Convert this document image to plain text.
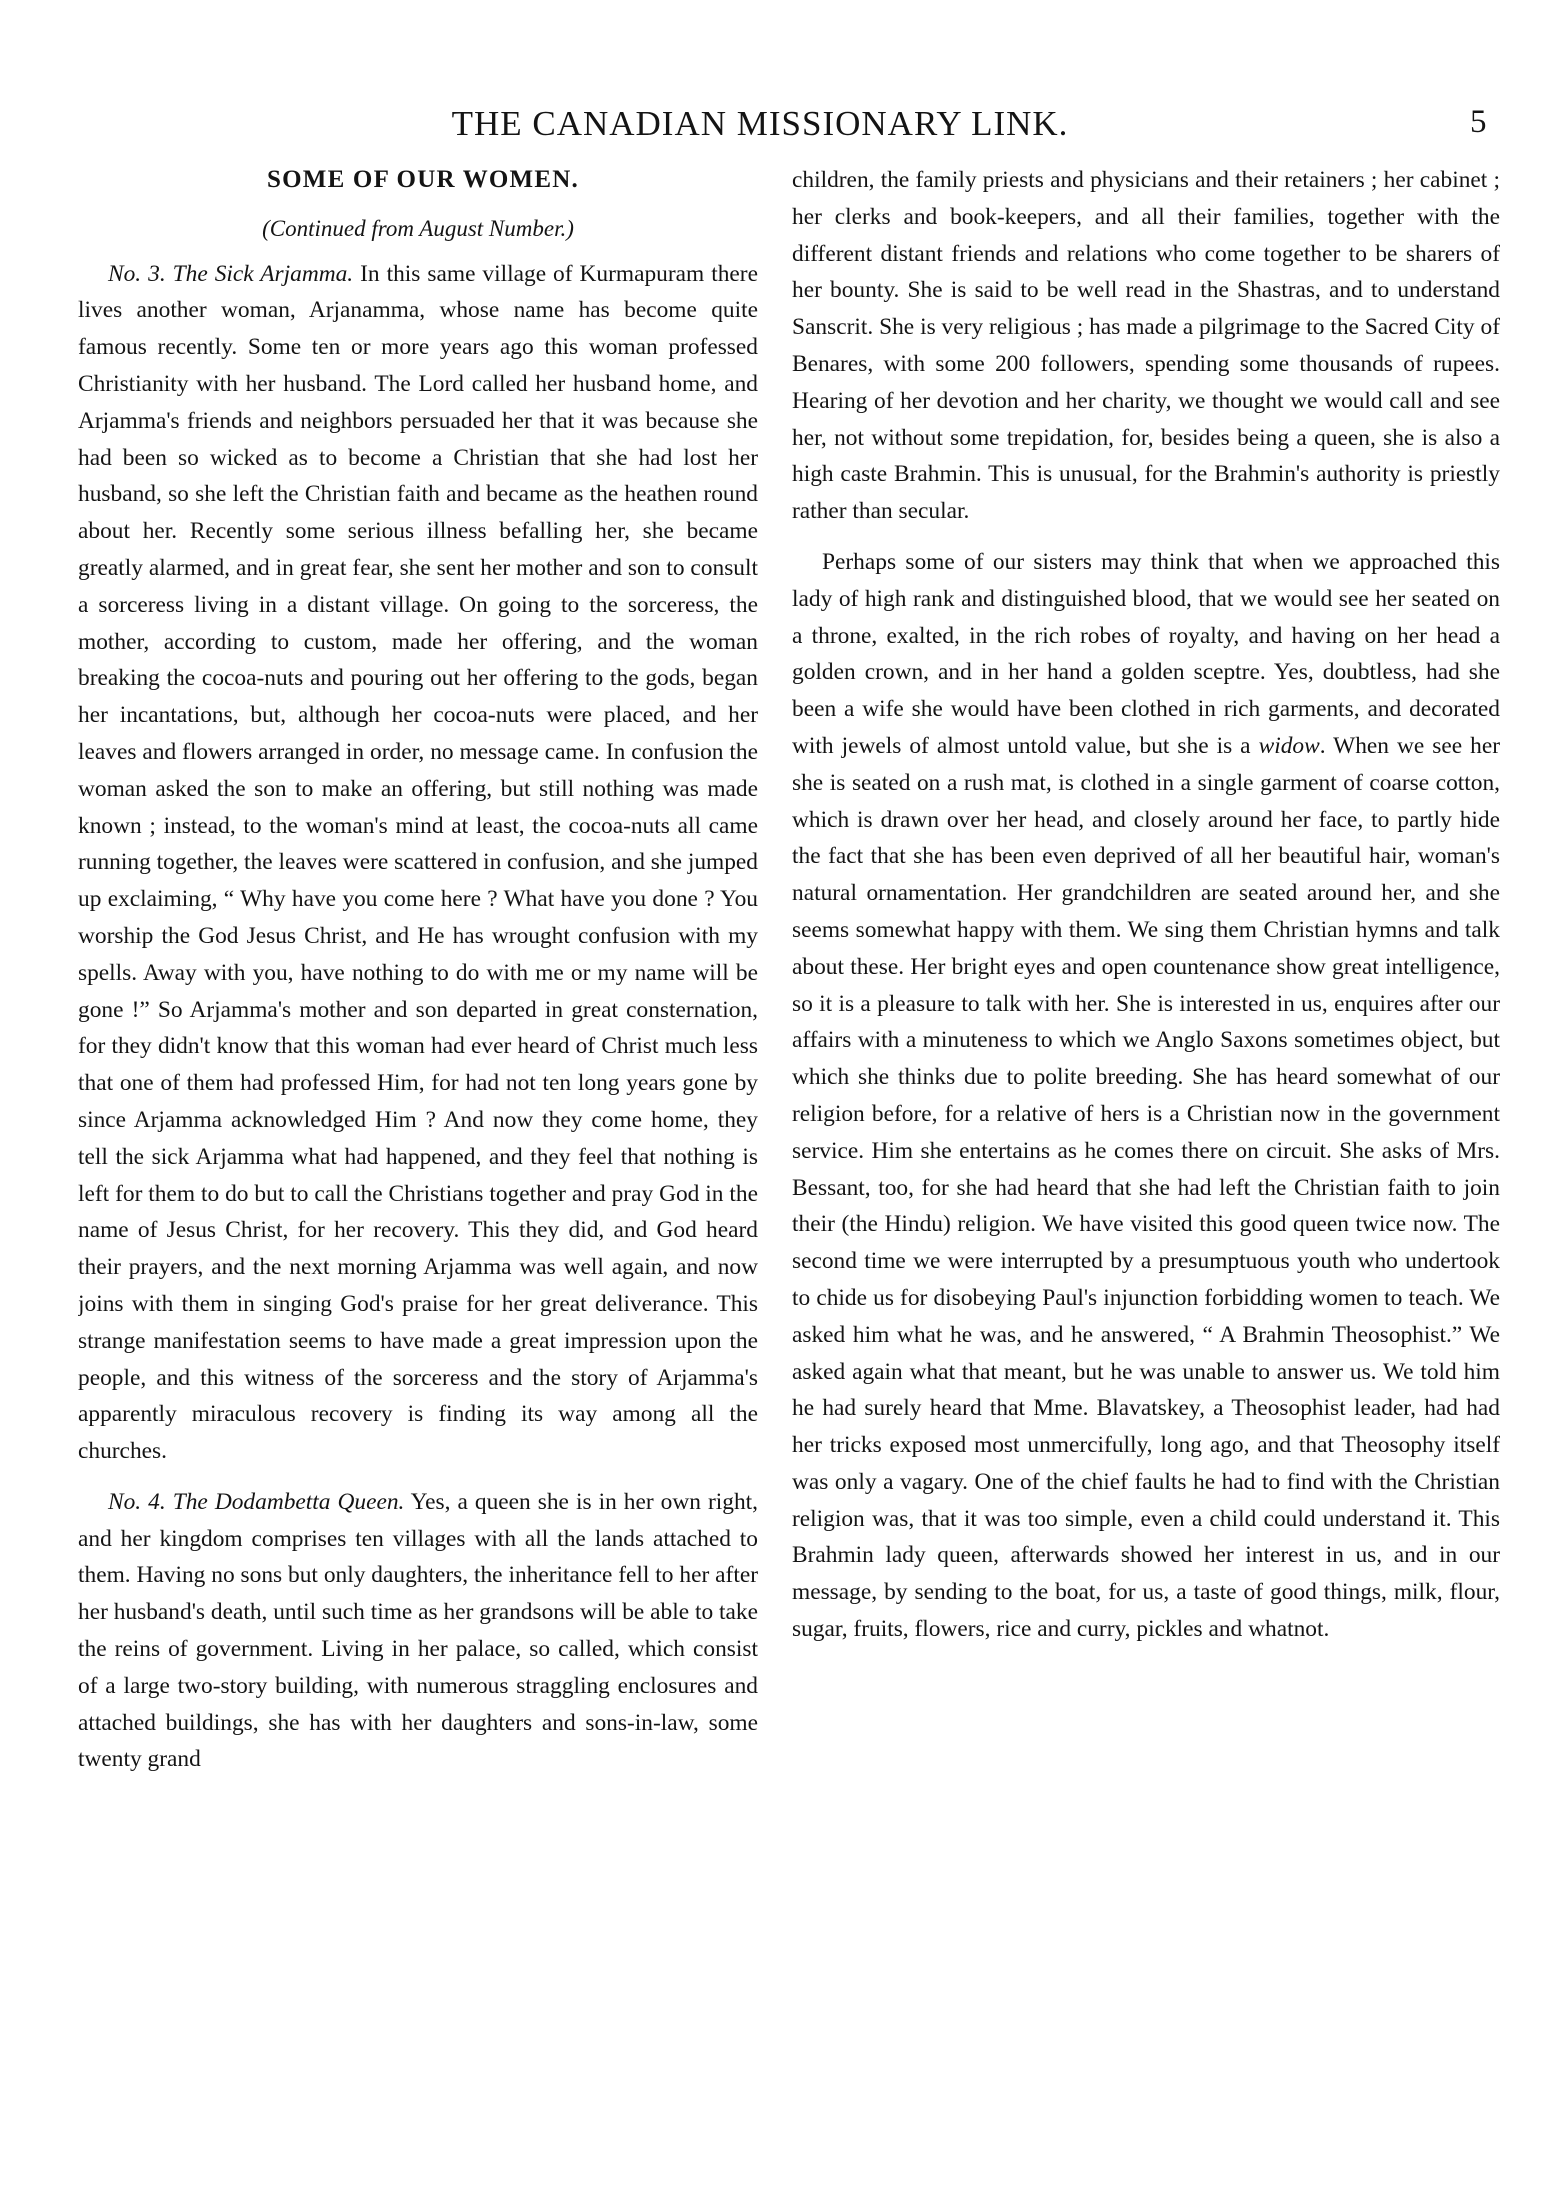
THE CANADIAN MISSIONARY LINK.	5
SOME OF OUR WOMEN.

(Continued from August Number.)

No. 3. The Sick Arjamma. In this same village of Kurmapuram there lives another woman, Arjanamma, whose name has become quite famous recently. Some ten or more years ago this woman professed Christianity with her husband. The Lord called her husband home, and Arjamma's friends and neighbors persuaded her that it was because she had been so wicked as to become a Christian that she had lost her husband, so she left the Christian faith and became as the heathen round about her. Recently some serious illness befalling her, she became greatly alarmed, and in great fear, she sent her mother and son to consult a sorceress living in a distant village. On going to the sorceress, the mother, according to custom, made her offering, and the woman breaking the cocoa-nuts and pouring out her offering to the gods, began her incantations, but, although her cocoa-nuts were placed, and her leaves and flowers arranged in order, no message came. In confusion the woman asked the son to make an offering, but still nothing was made known ; instead, to the woman's mind at least, the cocoa-nuts all came running together, the leaves were scattered in confusion, and she jumped up exclaiming, “ Why have you come here ? What have you done ? You worship the God Jesus Christ, and He has wrought confusion with my spells. Away with you, have nothing to do with me or my name will be gone !” So Arjamma's mother and son departed in great consternation, for they didn't know that this woman had ever heard of Christ much less that one of them had professed Him, for had not ten long years gone by since Arjamma acknowledged Him ? And now they come home, they tell the sick Arjamma what had happened, and they feel that nothing is left for them to do but to call the Christians together and pray God in the name of Jesus Christ, for her recovery. This they did, and God heard their prayers, and the next morning Arjamma was well again, and now joins with them in singing God's praise for her great deliverance. This strange manifestation seems to have made a great impression upon the people, and this witness of the sorceress and the story of Arjamma's apparently miraculous recovery is finding its way among all the churches.

No. 4. The Dodambetta Queen. Yes, a queen she is in her own right, and her kingdom comprises ten villages with all the lands attached to them. Having no sons but only daughters, the inheritance fell to her after her husband's death, until such time as her grandsons will be able to take the reins of government. Living in her palace, so called, which consist of a large two-story building, with numerous straggling enclosures and attached buildings, she has with her daughters and sons-in-law, some twenty grand

children, the family priests and physicians and their retainers ; her cabinet ; her clerks and book-keepers, and all their families, together with the different distant friends and relations who come together to be sharers of her bounty. She is said to be well read in the Shastras, and to understand Sanscrit. She is very religious ; has made a pilgrimage to the Sacred City of Benares, with some 200 followers, spending some thousands of rupees. Hearing of her devotion and her charity, we thought we would call and see her, not without some trepidation, for, besides being a queen, she is also a high caste Brahmin. This is unusual, for the Brahmin's authority is priestly rather than secular.

Perhaps some of our sisters may think that when we approached this lady of high rank and distinguished blood, that we would see her seated on a throne, exalted, in the rich robes of royalty, and having on her head a golden crown, and in her hand a golden sceptre. Yes, doubtless, had she been a wife she would have been clothed in rich garments, and decorated with jewels of almost untold value, but she is a widow. When we see her she is seated on a rush mat, is clothed in a single garment of coarse cotton, which is drawn over her head, and closely around her face, to partly hide the fact that she has been even deprived of all her beautiful hair, woman's natural ornamentation. Her grandchildren are seated around her, and she seems somewhat happy with them. We sing them Christian hymns and talk about these. Her bright eyes and open countenance show great intelligence, so it is a pleasure to talk with her. She is interested in us, enquires after our affairs with a minuteness to which we Anglo Saxons sometimes object, but which she thinks due to polite breeding. She has heard somewhat of our religion before, for a relative of hers is a Christian now in the government service. Him she entertains as he comes there on circuit. She asks of Mrs. Bessant, too, for she had heard that she had left the Christian faith to join their (the Hindu) religion. We have visited this good queen twice now. The second time we were interrupted by a presumptuous youth who undertook to chide us for disobeying Paul's injunction forbidding women to teach. We asked him what he was, and he answered, “ A Brahmin Theosophist.” We asked again what that meant, but he was unable to answer us. We told him he had surely heard that Mme. Blavatskey, a Theosophist leader, had had her tricks exposed most unmercifully, long ago, and that Theosophy itself was only a vagary. One of the chief faults he had to find with the Christian religion was, that it was too simple, even a child could understand it. This Brahmin lady queen, afterwards showed her interest in us, and in our message, by sending to the boat, for us, a taste of good things, milk, flour, sugar, fruits, flowers, rice and curry, pickles and whatnot.
